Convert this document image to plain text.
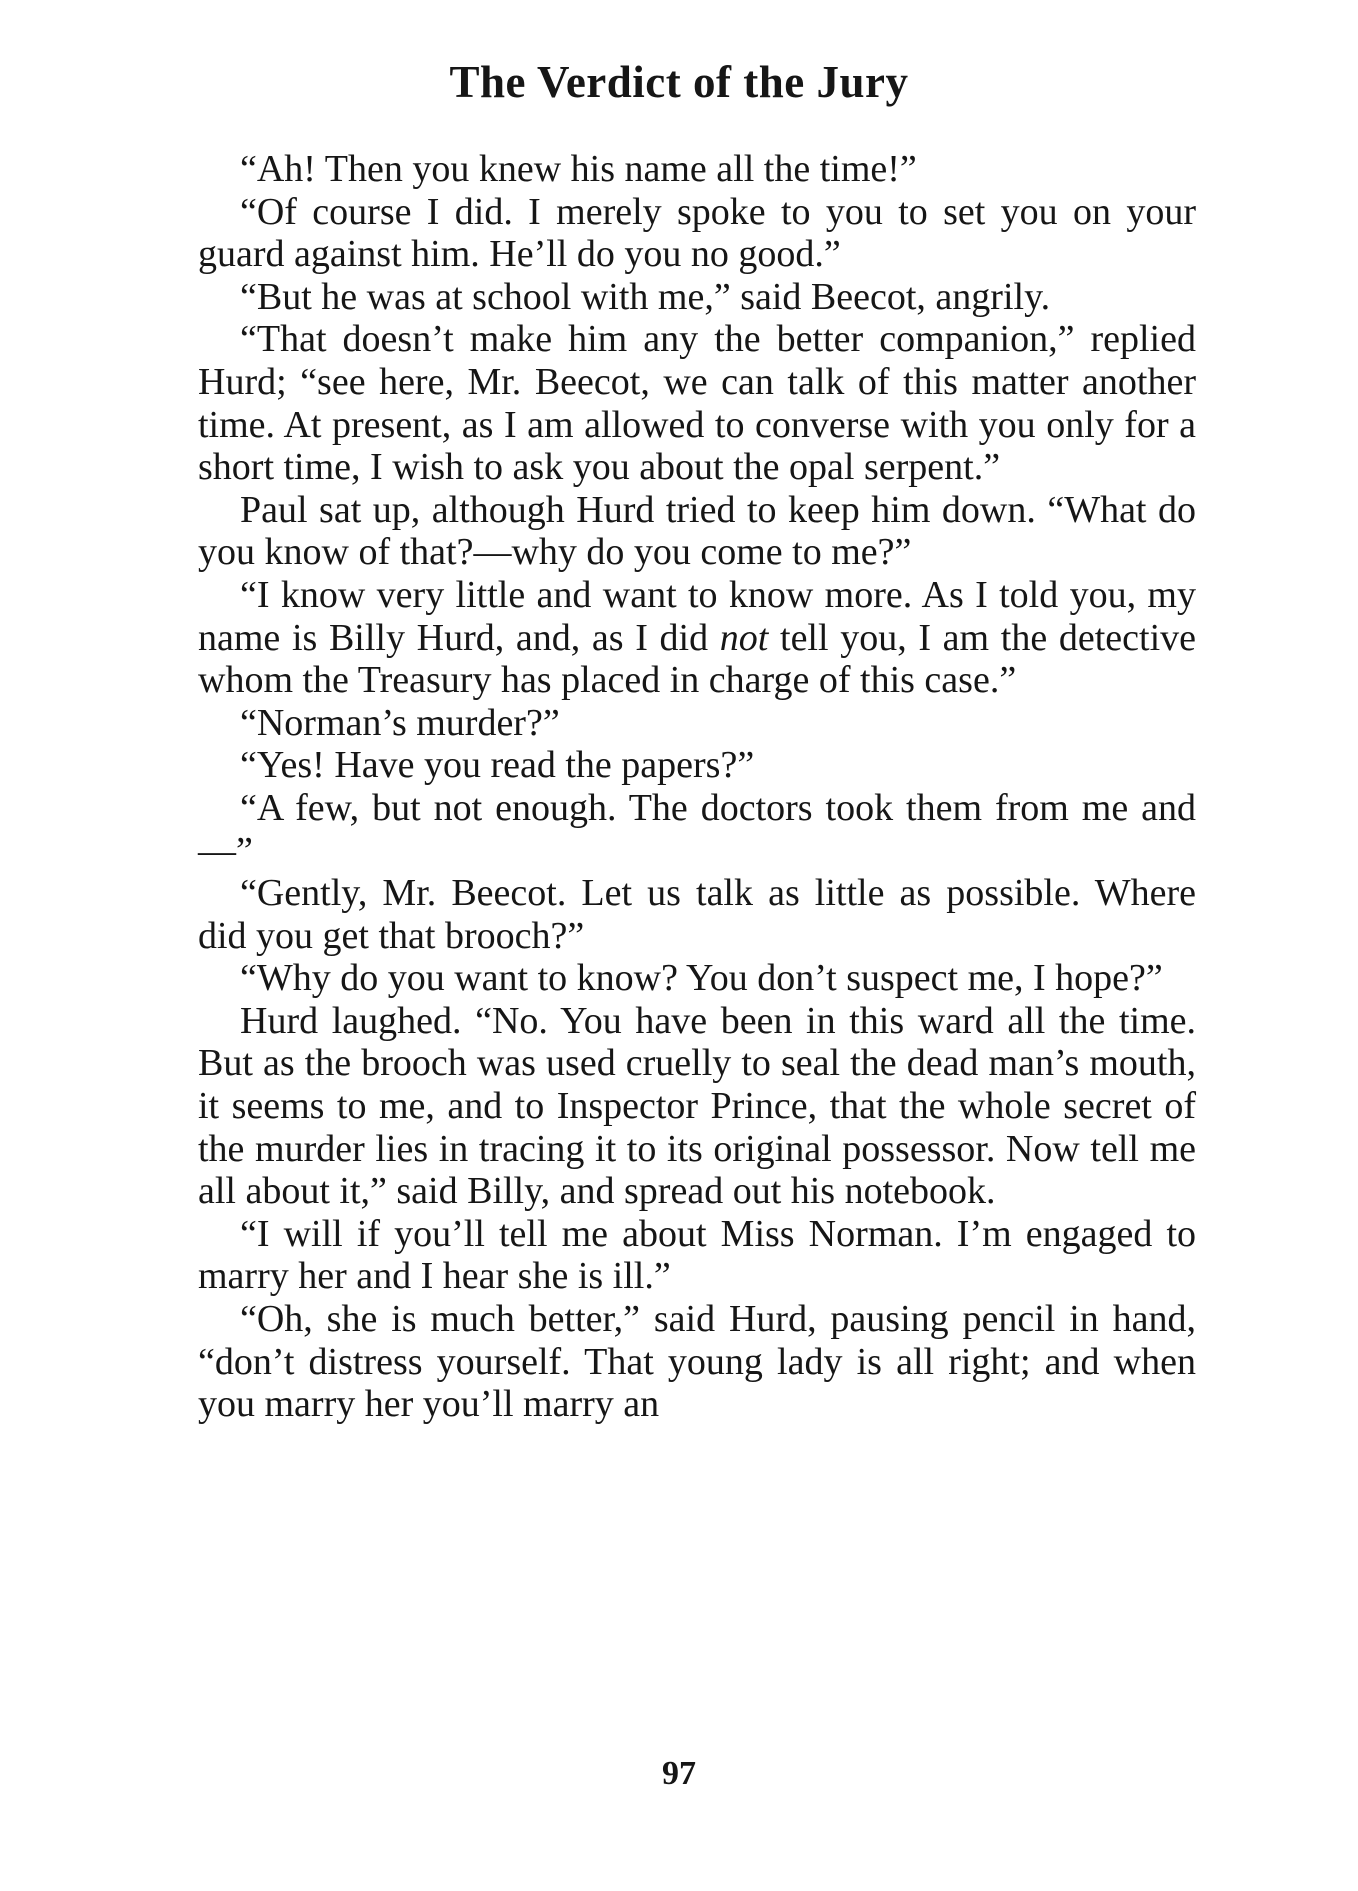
The Verdict of the Jury

“Ah! Then you knew his name all the time!”

“Of course I did. I merely spoke to you to set you on your guard against him. He’ll do you no good.”

“But he was at school with me,” said Beecot, angrily.

“That doesn’t make him any the better companion,” replied Hurd; “see here, Mr. Beecot, we can talk of this matter another time. At present, as I am allowed to converse with you only for a short time, I wish to ask you about the opal serpent.”

Paul sat up, although Hurd tried to keep him down. “What do you know of that?—why do you come to me?”

“I know very little and want to know more. As I told you, my name is Billy Hurd, and, as I did not tell you, I am the detective whom the Treasury has placed in charge of this case.”

“Norman’s murder?”

“Yes! Have you read the papers?”

“A few, but not enough. The doctors took them from me and—”

“Gently, Mr. Beecot. Let us talk as little as possible. Where did you get that brooch?”

“Why do you want to know? You don’t suspect me, I hope?”

Hurd laughed. “No. You have been in this ward all the time. But as the brooch was used cruelly to seal the dead man’s mouth, it seems to me, and to Inspector Prince, that the whole secret of the murder lies in tracing it to its original possessor. Now tell me all about it,” said Billy, and spread out his notebook.

“I will if you’ll tell me about Miss Norman. I’m engaged to marry her and I hear she is ill.”

“Oh, she is much better,” said Hurd, pausing pencil in hand, “don’t distress yourself. That young lady is all right; and when you marry her you’ll marry an

97
